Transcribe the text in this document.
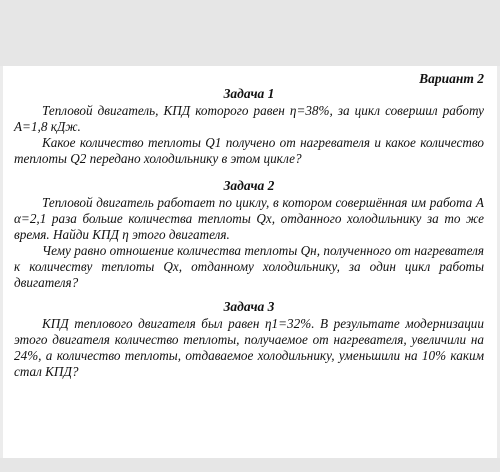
Вариант 2
Задача 1

Тепловой двигатель, КПД которого равен η=38%, за цикл совершил работу А=1,8 кДж.

Какое количество теплоты Q1 получено от нагревателя и какое количество теплоты Q2 передано холодильнику в этом цикле?

Задача 2

Тепловой двигатель работает по циклу, в котором совершённая им работа А α=2,1 раза больше количества теплоты Qх, отданного холодильнику за то же время. Найди КПД η этого двигателя.

Чему равно отношение количества теплоты Qн, полученного от нагревателя к количеству теплоты Qх, отданному холодильнику, за один цикл работы двигателя?

Задача 3

КПД теплового двигателя был равен η1=32%. В результате модернизации этого двигателя количество теплоты, получаемое от нагревателя, увеличили на 24%, а количество теплоты, отдаваемое холодильнику, уменьшили на 10% каким стал КПД?
